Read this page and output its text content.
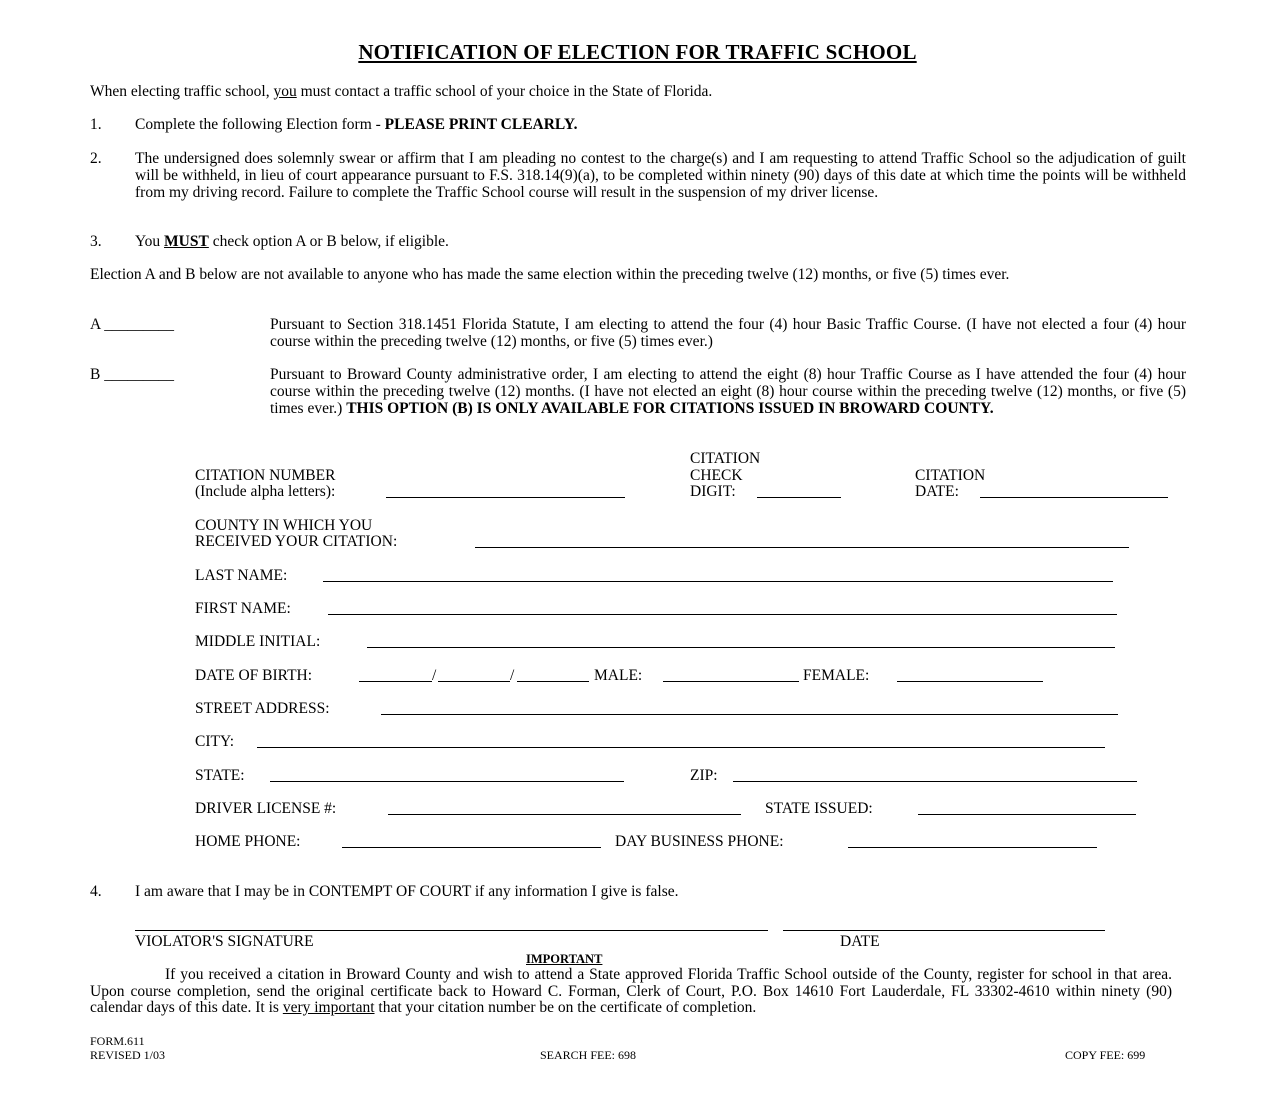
NOTIFICATION OF ELECTION FOR TRAFFIC SCHOOL
When electing traffic school, you must contact a traffic school of your choice in the State of Florida.
1. Complete the following Election form - PLEASE PRINT CLEARLY.
2. The undersigned does solemnly swear or affirm that I am pleading no contest to the charge(s) and I am requesting to attend Traffic School so the adjudication of guilt will be withheld, in lieu of court appearance pursuant to F.S. 318.14(9)(a), to be completed within ninety (90) days of this date at which time the points will be withheld from my driving record. Failure to complete the Traffic School course will result in the suspension of my driver license.
3. You MUST check option A or B below, if eligible.
Election A and B below are not available to anyone who has made the same election within the preceding twelve (12) months, or five (5) times ever.
A _________	Pursuant to Section 318.1451 Florida Statute, I am electing to attend the four (4) hour Basic Traffic Course. (I have not elected a four (4) hour course within the preceding twelve (12) months, or five (5) times ever.)
B _________	Pursuant to Broward County administrative order, I am electing to attend the eight (8) hour Traffic Course as I have attended the four (4) hour course within the preceding twelve (12) months. (I have not elected an eight (8) hour course within the preceding twelve (12) months, or five (5) times ever.) THIS OPTION (B) IS ONLY AVAILABLE FOR CITATIONS ISSUED IN BROWARD COUNTY.
CITATION NUMBER
(Include alpha letters):
CITATION
CHECK
DIGIT:
CITATION
DATE:
COUNTY IN WHICH YOU
RECEIVED YOUR CITATION:
LAST NAME:
FIRST NAME:
MIDDLE INITIAL:
DATE OF BIRTH:	/	/	MALE:	FEMALE:
STREET ADDRESS:
CITY:
STATE:	ZIP:
DRIVER LICENSE #:	STATE ISSUED:
HOME PHONE:	DAY BUSINESS PHONE:
4. I am aware that I may be in CONTEMPT OF COURT if any information I give is false.
VIOLATOR'S SIGNATURE	DATE
IMPORTANT
If you received a citation in Broward County and wish to attend a State approved Florida Traffic School outside of the County, register for school in that area. Upon course completion, send the original certificate back to Howard C. Forman, Clerk of Court, P.O. Box 14610 Fort Lauderdale, FL 33302-4610 within ninety (90) calendar days of this date. It is very important that your citation number be on the certificate of completion.
FORM.611
REVISED 1/03	SEARCH FEE: 698	COPY FEE: 699
